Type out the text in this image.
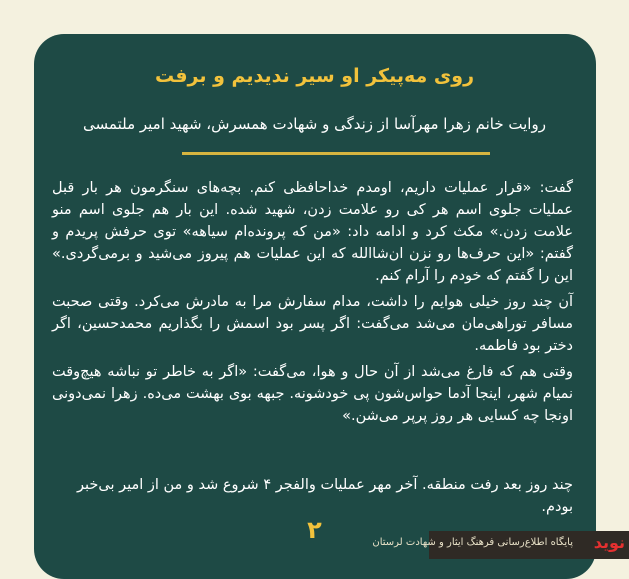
روی مه‌پیکر او سیر ندیدیم و برفت
روایت خانم زهرا مهرآسا از زندگی و شهادت همسرش، شهید امیر ملتمسی

گفت: «قرار عملیات داریم، اومدم خداحافظی کنم. بچه‌های سنگرمون هر بار قبل عملیات جلوی اسم هر کی رو علامت زدن، شهید شده. این بار هم جلوی اسم منو علامت زدن.» مکث کرد و ادامه داد: «من که پرونده‌ام سیاهه» توی حرفش پریدم و گفتم: «این حرف‌ها رو نزن ان‌شاالله که این عملیات هم پیروز می‌شید و برمی‌گردی.» این را گفتم که خودم را آرام کنم.

آن چند روز خیلی هوایم را داشت، مدام سفارش مرا به مادرش می‌کرد. وقتی صحبت مسافر توراهی‌مان می‌شد می‌گفت: اگر پسر بود اسمش را بگذاریم محمدحسین، اگر دختر بود فاطمه.

وقتی هم که فارغ می‌شد از آن حال و هوا، می‌گفت: «اگر به خاطر تو نباشه هیچ‌وقت نمیام شهر، اینجا آدما حواس‌شون پی خودشونه. جبهه بوی بهشت می‌ده. زهرا نمی‌دونی اونجا چه کسایی هر روز پرپر می‌شن.»

چند روز بعد رفت منطقه. آخر مهر عملیات والفجر ۴ شروع شد و من از امیر بی‌خبر بودم.
۲	نوید
پایگاه اطلاع‌رسانی فرهنگ ایثار و شهادت لرستان
